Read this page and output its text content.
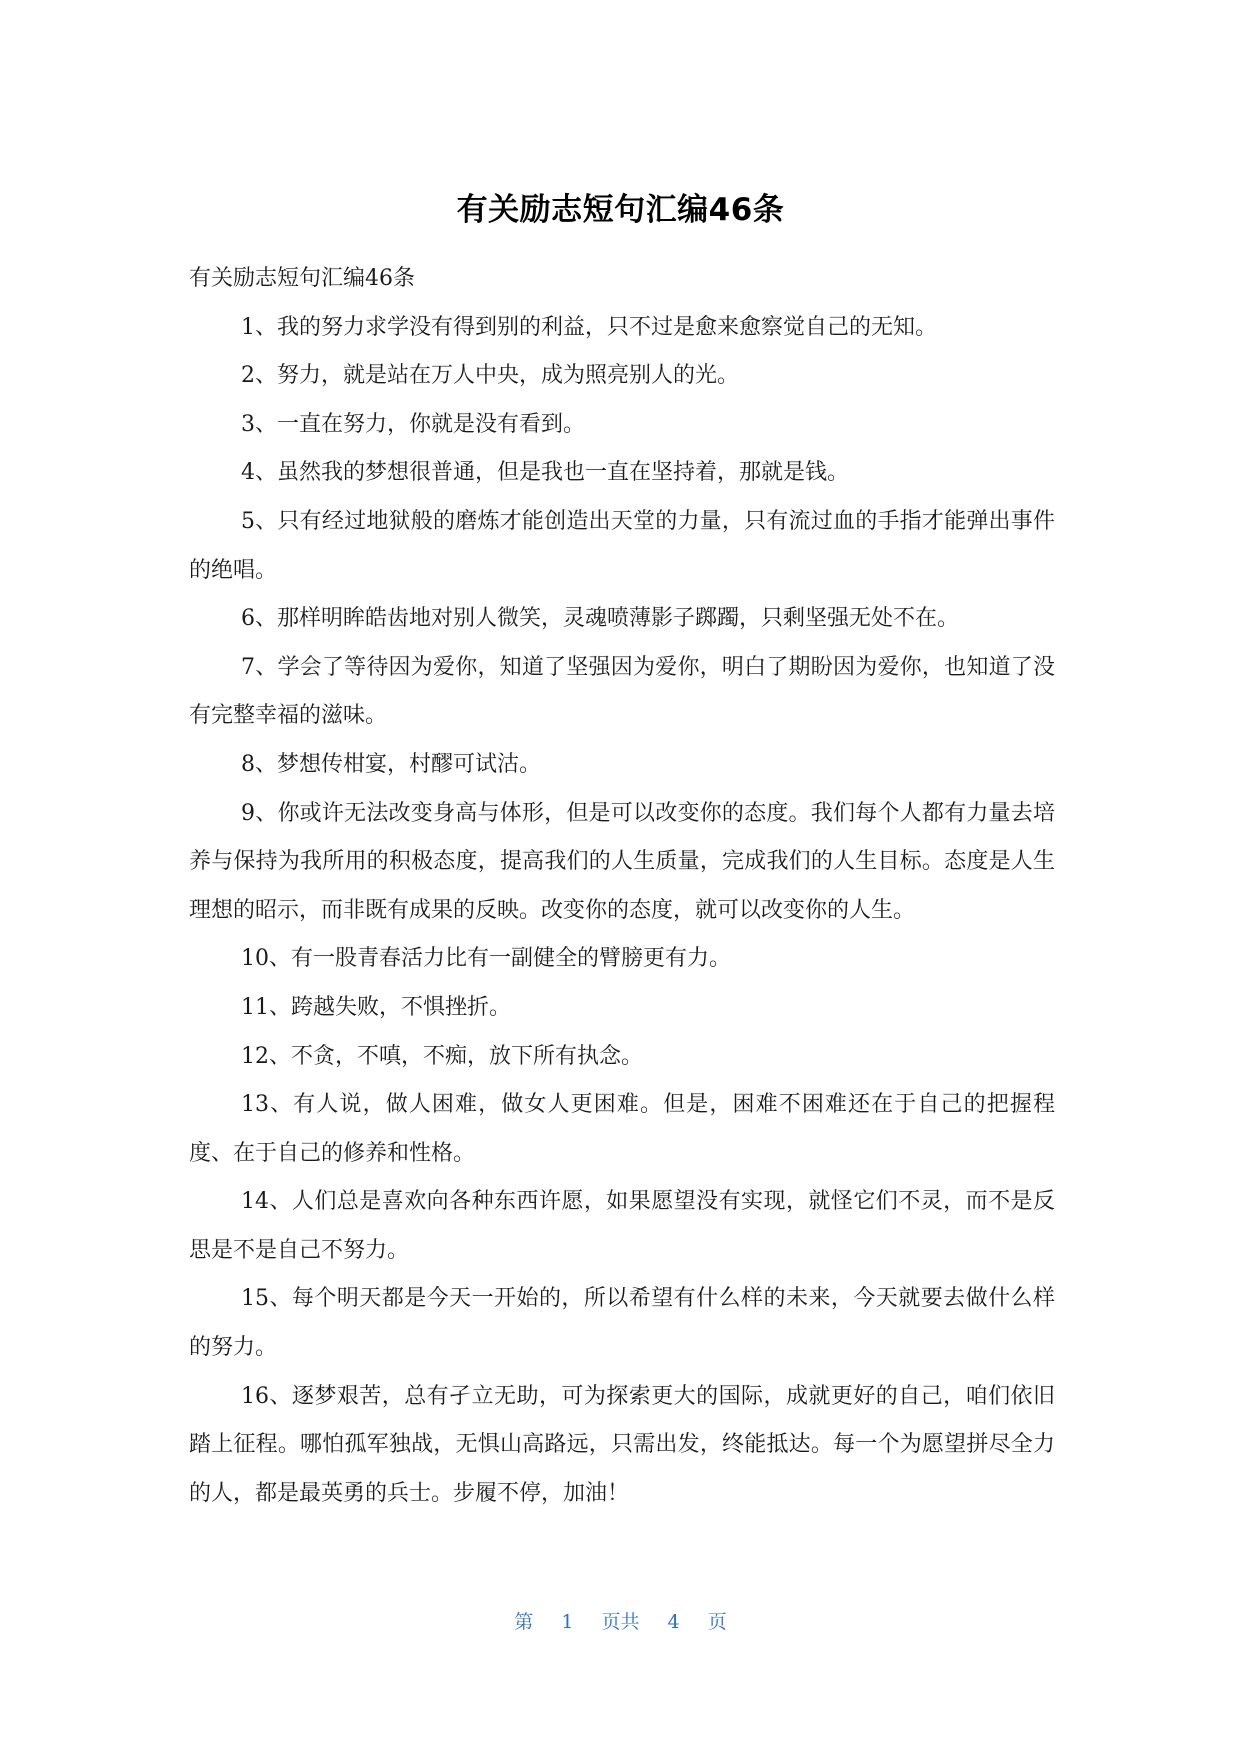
有关励志短句汇编46条

有关励志短句汇编46条

1、我的努力求学没有得到别的利益，只不过是愈来愈察觉自己的无知。

2、努力，就是站在万人中央，成为照亮别人的光。

3、一直在努力，你就是没有看到。

4、虽然我的梦想很普通，但是我也一直在坚持着，那就是钱。

5、只有经过地狱般的磨炼才能创造出天堂的力量，只有流过血的手指才能弹出事件的绝唱。

6、那样明眸皓齿地对别人微笑，灵魂喷薄影子踯躅，只剩坚强无处不在。

7、学会了等待因为爱你，知道了坚强因为爱你，明白了期盼因为爱你，也知道了没有完整幸福的滋味。

8、梦想传柑宴，村醪可试沽。

9、你或许无法改变身高与体形，但是可以改变你的态度。我们每个人都有力量去培养与保持为我所用的积极态度，提高我们的人生质量，完成我们的人生目标。态度是人生理想的昭示，而非既有成果的反映。改变你的态度，就可以改变你的人生。

10、有一股青春活力比有一副健全的臂膀更有力。

11、跨越失败，不惧挫折。

12、不贪，不嗔，不痴，放下所有执念。

13、有人说，做人困难，做女人更困难。但是，困难不困难还在于自己的把握程度、在于自己的修养和性格。

14、人们总是喜欢向各种东西许愿，如果愿望没有实现，就怪它们不灵，而不是反思是不是自己不努力。

15、每个明天都是今天一开始的，所以希望有什么样的未来，今天就要去做什么样的努力。

16、逐梦艰苦，总有孑立无助，可为探索更大的国际，成就更好的自己，咱们依旧踏上征程。哪怕孤军独战，无惧山高路远，只需出发，终能抵达。每一个为愿望拼尽全力的人，都是最英勇的兵士。步履不停，加油！

第 1 页共 4 页
